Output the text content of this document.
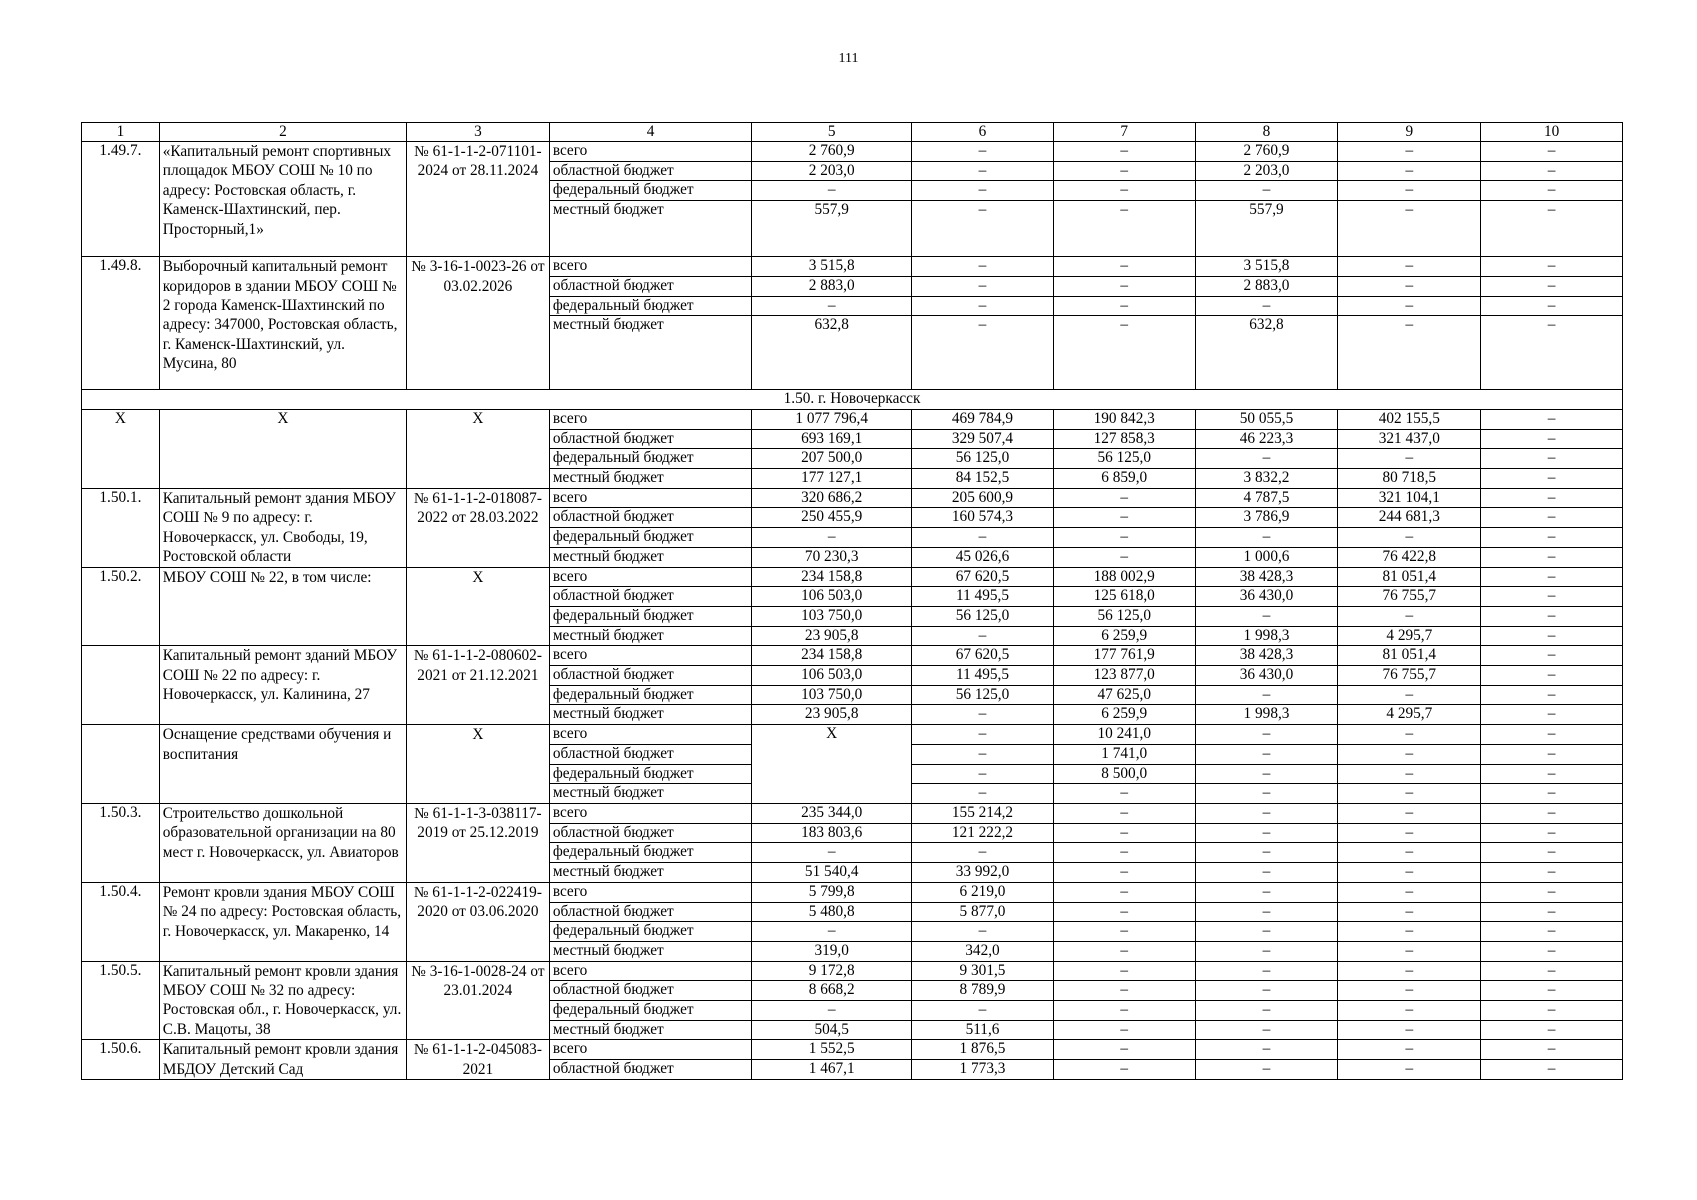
111
1	2	3	4	5	6	7	8	9	10
1.49.7.	«Капитальный ремонт спортивных площадок МБОУ СОШ № 10 по адресу: Ростовская область, г. Каменск-Шахтинский, пер. Просторный,1»	№ 61-1-1-2-071101-2024 от 28.11.2024	всего	2 760,9	–	–	2 760,9	–	–
			областной бюджет	2 203,0	–	–	2 203,0	–	–
			федеральный бюджет	–	–	–	–	–	–
			местный бюджет	557,9	–	–	557,9	–	–
1.49.8.	Выборочный капитальный ремонт коридоров в здании МБОУ СОШ № 2 города Каменск-Шахтинский по адресу: 347000, Ростовская область, г. Каменск-Шахтинский, ул. Мусина, 80	№ 3-16-1-0023-26 от 03.02.2026	всего	3 515,8	–	–	3 515,8	–	–
			областной бюджет	2 883,0	–	–	2 883,0	–	–
			федеральный бюджет	–	–	–	–	–	–
			местный бюджет	632,8	–	–	632,8	–	–
1.50. г. Новочеркасск									
Х	Х	Х	всего	1 077 796,4	469 784,9	190 842,3	50 055,5	402 155,5	–
			областной бюджет	693 169,1	329 507,4	127 858,3	46 223,3	321 437,0	–
			федеральный бюджет	207 500,0	56 125,0	56 125,0	–	–	–
			местный бюджет	177 127,1	84 152,5	6 859,0	3 832,2	80 718,5	–
1.50.1.	Капитальный ремонт здания МБОУ СОШ № 9 по адресу: г. Новочеркасск, ул. Свободы, 19, Ростовской области	№ 61-1-1-2-018087-2022 от 28.03.2022	всего	320 686,2	205 600,9	–	4 787,5	321 104,1	–
			областной бюджет	250 455,9	160 574,3	–	3 786,9	244 681,3	–
			федеральный бюджет	–	–	–	–	–	–
			местный бюджет	70 230,3	45 026,6	–	1 000,6	76 422,8	–
1.50.2.	МБОУ СОШ № 22, в том числе:	Х	всего	234 158,8	67 620,5	188 002,9	38 428,3	81 051,4	–
			областной бюджет	106 503,0	11 495,5	125 618,0	36 430,0	76 755,7	–
			федеральный бюджет	103 750,0	56 125,0	56 125,0	–	–	–
			местный бюджет	23 905,8	–	6 259,9	1 998,3	4 295,7	–
	Капитальный ремонт зданий МБОУ СОШ № 22 по адресу: г. Новочеркасск, ул. Калинина, 27	№ 61-1-1-2-080602-2021 от 21.12.2021	всего	234 158,8	67 620,5	177 761,9	38 428,3	81 051,4	–
			областной бюджет	106 503,0	11 495,5	123 877,0	36 430,0	76 755,7	–
			федеральный бюджет	103 750,0	56 125,0	47 625,0	–	–	–
			местный бюджет	23 905,8	–	6 259,9	1 998,3	4 295,7	–
	Оснащение средствами обучения и воспитания	Х	всего	Х	–	10 241,0	–	–	–
			областной бюджет		–	1 741,0	–	–	–
			федеральный бюджет		–	8 500,0	–	–	–
			местный бюджет		–	–	–	–	–
1.50.3.	Строительство дошкольной образовательной организации на 80 мест г. Новочеркасск, ул. Авиаторов	№ 61-1-1-3-038117-2019 от 25.12.2019	всего	235 344,0	155 214,2	–	–	–	–
			областной бюджет	183 803,6	121 222,2	–	–	–	–
			федеральный бюджет	–	–	–	–	–	–
			местный бюджет	51 540,4	33 992,0	–	–	–	–
1.50.4.	Ремонт кровли здания МБОУ СОШ № 24 по адресу: Ростовская область, г. Новочеркасск, ул. Макаренко, 14	№ 61-1-1-2-022419-2020 от 03.06.2020	всего	5 799,8	6 219,0	–	–	–	–
			областной бюджет	5 480,8	5 877,0	–	–	–	–
			федеральный бюджет	–	–	–	–	–	–
			местный бюджет	319,0	342,0	–	–	–	–
1.50.5.	Капитальный ремонт кровли здания МБОУ СОШ № 32 по адресу: Ростовская обл., г. Новочеркасск, ул. С.В. Мацоты, 38	№ 3-16-1-0028-24 от 23.01.2024	всего	9 172,8	9 301,5	–	–	–	–
			областной бюджет	8 668,2	8 789,9	–	–	–	–
			федеральный бюджет	–	–	–	–	–	–
			местный бюджет	504,5	511,6	–	–	–	–
1.50.6.	Капитальный ремонт кровли здания МБДОУ Детский Сад	№ 61-1-1-2-045083-2021	всего	1 552,5	1 876,5	–	–	–	–
			областной бюджет	1 467,1	1 773,3	–	–	–	–
